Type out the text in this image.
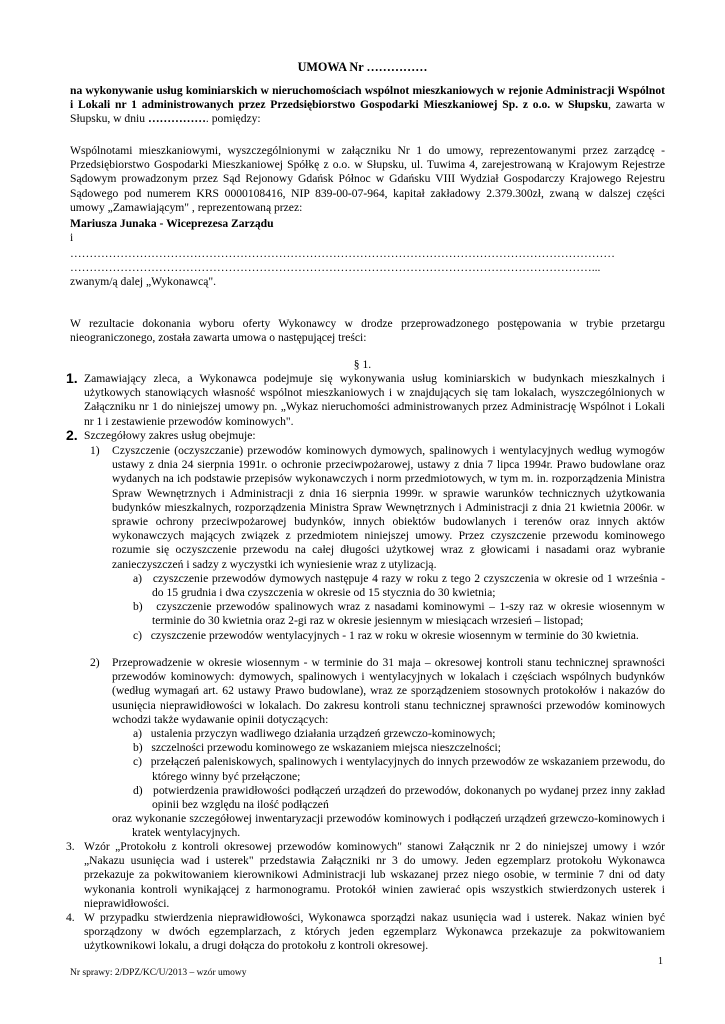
UMOWA Nr ……………

na wykonywanie usług kominiarskich w nieruchomościach wspólnot mieszkaniowych w rejonie Administracji Wspólnot i Lokali nr 1 administrowanych przez Przedsiębiorstwo Gospodarki Mieszkaniowej Sp. z o.o. w Słupsku, zawarta w Słupsku, w dniu ……………. pomiędzy:

Wspólnotami mieszkaniowymi, wyszczególnionymi w załączniku Nr 1 do umowy, reprezentowanymi przez zarządcę - Przedsiębiorstwo Gospodarki Mieszkaniowej Spółkę z o.o. w Słupsku, ul. Tuwima 4, zarejestrowaną w Krajowym Rejestrze Sądowym prowadzonym przez Sąd Rejonowy Gdańsk Północ w Gdańsku VIII Wydział Gospodarczy Krajowego Rejestru Sądowego pod numerem KRS 0000108416, NIP 839-00-07-964, kapitał zakładowy 2.379.300zł, zwaną w dalszej części umowy „Zamawiającym" , reprezentowaną przez:

Mariusza Junaka - Wiceprezesa Zarządu

i

……………………………………………………………………………………………………………………………

………………………………………………………………………………………………………………………...

zwanym/ą dalej „Wykonawcą".

W rezultacie dokonania wyboru oferty Wykonawcy w drodze przeprowadzonego postępowania w trybie przetargu nieograniczonego, została zawarta umowa o następującej treści:

§ 1.
1. Zamawiający zleca, a Wykonawca podejmuje się wykonywania usług kominiarskich w budynkach mieszkalnych i użytkowych stanowiących własność wspólnot mieszkaniowych i w znajdujących się tam lokalach, wyszczególnionych w Załączniku nr 1 do niniejszej umowy pn. „Wykaz nieruchomości administrowanych przez Administrację Wspólnot i Lokali nr 1 i zestawienie przewodów kominowych".
2. Szczegółowy zakres usług obejmuje:
1) Czyszczenie (oczyszczanie) przewodów kominowych dymowych, spalinowych i wentylacyjnych według wymogów ustawy z dnia 24 sierpnia 1991r. o ochronie przeciwpożarowej, ustawy z dnia 7 lipca 1994r. Prawo budowlane oraz wydanych na ich podstawie przepisów wykonawczych i norm przedmiotowych, w tym m. in. rozporządzenia Ministra Spraw Wewnętrznych i Administracji z dnia 16 sierpnia 1999r. w sprawie warunków technicznych użytkowania budynków mieszkalnych, rozporządzenia Ministra Spraw Wewnętrznych i Administracji z dnia 21 kwietnia 2006r. w sprawie ochrony przeciwpożarowej budynków, innych obiektów budowlanych i terenów oraz innych aktów wykonawczych mających związek z przedmiotem niniejszej umowy. Przez czyszczenie przewodu kominowego rozumie się oczyszczenie przewodu na całej długości użytkowej wraz z głowicami i nasadami oraz wybranie zanieczyszczeń i sadzy z wyczystki ich wyniesienie wraz z utylizacją.
a) czyszczenie przewodów dymowych następuje 4 razy w roku z tego 2 czyszczenia w okresie od 1 września - do 15 grudnia i dwa czyszczenia w okresie od 15 stycznia do 30 kwietnia;
b) czyszczenie przewodów spalinowych wraz z nasadami kominowymi – 1-szy raz w okresie wiosennym w terminie do 30 kwietnia oraz 2-gi raz w okresie jesiennym w miesiącach wrzesień – listopad;
c) czyszczenie przewodów wentylacyjnych - 1 raz w roku w okresie wiosennym w terminie do 30 kwietnia.
2) Przeprowadzenie w okresie wiosennym - w terminie do 31 maja – okresowej kontroli stanu technicznej sprawności przewodów kominowych: dymowych, spalinowych i wentylacyjnych w lokalach i częściach wspólnych budynków (według wymagań art. 62 ustawy Prawo budowlane), wraz ze sporządzeniem stosownych protokołów i nakazów do usunięcia nieprawidłowości w lokalach. Do zakresu kontroli stanu technicznej sprawności przewodów kominowych wchodzi także wydawanie opinii dotyczących:
a) ustalenia przyczyn wadliwego działania urządzeń grzewczo-kominowych;
b) szczelności przewodu kominowego ze wskazaniem miejsca nieszczelności;
c) przełączeń paleniskowych, spalinowych i wentylacyjnych do innych przewodów ze wskazaniem przewodu, do którego winny być przełączone;
d) potwierdzenia prawidłowości podłączeń urządzeń do przewodów, dokonanych po wydanej przez inny zakład opinii bez względu na ilość podłączeń
oraz wykonanie szczegółowej inwentaryzacji przewodów kominowych i podłączeń urządzeń grzewczo-kominowych i kratek wentylacyjnych.
3. Wzór „Protokołu z kontroli okresowej przewodów kominowych" stanowi Załącznik nr 2 do niniejszej umowy i wzór „Nakazu usunięcia wad i usterek" przedstawia Załączniki nr 3 do umowy. Jeden egzemplarz protokołu Wykonawca przekazuje za pokwitowaniem kierownikowi Administracji lub wskazanej przez niego osobie, w terminie 7 dni od daty wykonania kontroli wynikającej z harmonogramu. Protokół winien zawierać opis wszystkich stwierdzonych usterek i nieprawidłowości.
4. W przypadku stwierdzenia nieprawidłowości, Wykonawca sporządzi nakaz usunięcia wad i usterek. Nakaz winien być sporządzony w dwóch egzemplarzach, z których jeden egzemplarz Wykonawca przekazuje za pokwitowaniem użytkownikowi lokalu, a drugi dołącza do protokołu z kontroli okresowej.
1
Nr sprawy: 2/DPZ/KC/U/2013 – wzór umowy
